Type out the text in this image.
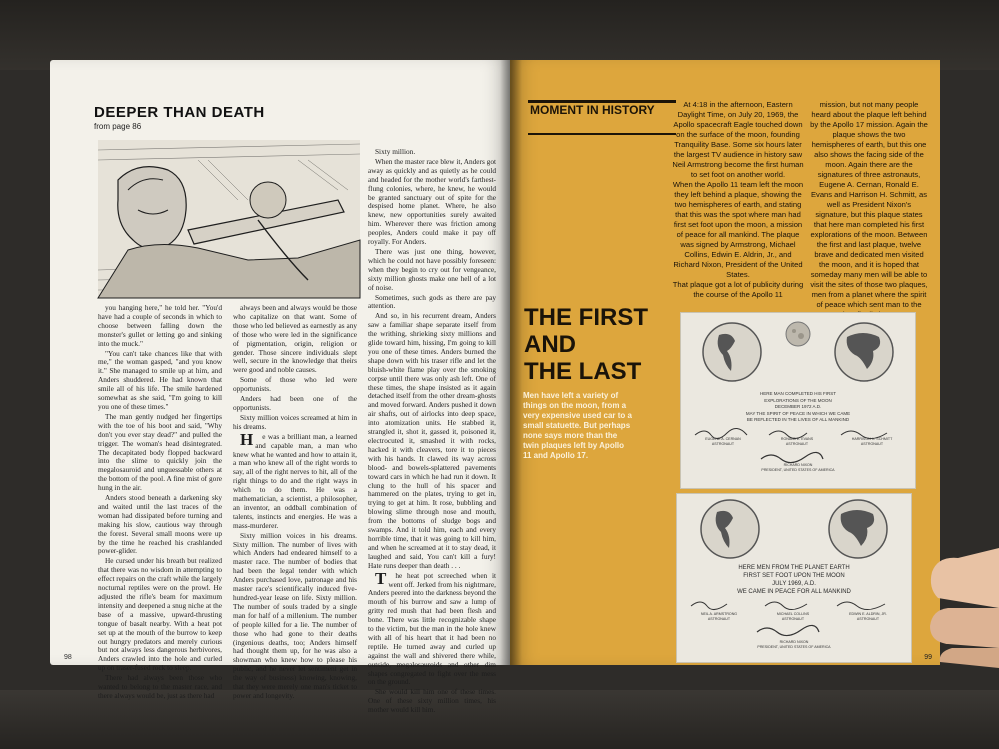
DEEPER THAN DEATH
from page 86

you hanging here," he told her. "You'd have had a couple of seconds in which to choose between falling down the monster's gullet or letting go and sinking into the muck."

"You can't take chances like that with me," the woman gasped, "and you know it." She managed to smile up at him, and Anders shuddered. He had known that smile all of his life. The smile hardened somewhat as she said, "I'm going to kill you one of these times."

The man gently nudged her fingertips with the toe of his boot and said, "Why don't you ever stay dead?" and pulled the trigger. The woman's head disintegrated. The decapitated body flopped backward into the slime to quickly join the megalosauroid and unguessable others at the bottom of the pool. A fine mist of gore hung in the air.

Anders stood beneath a darkening sky and waited until the last traces of the woman had dissipated before turning and making his slow, cautious way through the forest. Several small moons were up by the time he reached his crashlanded power-glider.

He cursed under his breath but realized that there was no wisdom in attempting to effect repairs on the craft while the largely nocturnal reptiles were on the prowl. He adjusted the rifle's beam for maximum intensity and deepened a snug niche at the base of a massive, upward-thrusting tongue of basalt nearby. With a heat pot set up at the mouth of the burrow to keep out hungry predators and merely curious but not always less dangerous herbivores, Anders crawled into the hole and curled up on traser-fused rock to sleep.

There had always been those who wanted to belong to the master race, and there always would be, just as there had

always been and always would be those who capitalize on that want. Some of those who led believed as earnestly as any of those who were led in the significance of pigmentation, origin, religion or gender. Those sincere individuals slept well, secure in the knowledge that theirs were good and noble causes.

Some of those who led were opportunists.

Anders had been one of the opportunists.

Sixty million voices screamed at him in his dreams.

He was a brilliant man, a learned and capable man, a man who knew what he wanted and how to attain it, a man who knew all of the right words to say, all of the right nerves to hit, all of the right things to do and the right ways in which to do them. He was a mathematician, a scientist, a philosopher, an inventor, an oddball combination of talents, instincts and energies. He was a mass-murderer.

Sixty million voices in his dreams. Sixty million. The number of lives with which Anders had endeared himself to a master race. The number of bodies that had been the legal tender with which Anders purchased love, patronage and his master race's scientifically induced five-hundred-year lease on life. Sixty million. The number of souls traded by a single man for half of a millenium. The number of people killed for a lie. The number of those who had gone to their deaths (ingenious deaths, too; Anders himself had thought them up, for he was also a showman who knew how to please his public, and he never let sentiment get in the way of business) knowing, knowing, that they were merely one man's ticket to power and longevity.

Sixty million.

When the master race blew it, Anders got away as quickly and as quietly as he could and headed for the mother world's farthest-flung colonies, where, he knew, he would be granted sanctuary out of spite for the despised home planet. Where, he also knew, new opportunities surely awaited him. Wherever there was friction among peoples, Anders could make it pay off royally. For Anders.

There was just one thing, however, which he could not have possibly foreseen: when they begin to cry out for vengeance, sixty million ghosts make one hell of a lot of noise.

Sometimes, such gods as there are pay attention.

And so, in his recurrent dream, Anders saw a familiar shape separate itself from the writhing, shrieking sixty millions and glide toward him, hissing, I'm going to kill you one of these times. Anders burned the shape down with his traser rifle and let the bluish-white flame play over the smoking corpse until there was only ash left. One of these times, the shape insisted as it again detached itself from the other dream-ghosts and moved forward. Anders pushed it down air shafts, out of airlocks into deep space, into atomization units. He stabbed it, strangled it, shot it, gassed it, poisoned it, electrocuted it, smashed it with rocks, hacked it with cleavers, tore it to pieces with his hands. It clawed its way across blood- and bowels-splattered pavements toward cars in which he had run it down. It clung to the hull of his spacer and hammered on the plates, trying to get in, trying to get at him. It rose, bubbling and blowing slime through nose and mouth, from the bottoms of sludge bogs and swamps. And it told him, each and every horrible time, that it was going to kill him, and when he screamed at it to stay dead, it laughed and said, You can't kill a fury! Hate runs deeper than death . . .

The heat pot screeched when it went off. Jerked from his nightmare, Anders peered into the darkness beyond the mouth of his burrow and saw a lump of gritty red mush that had been flesh and bone. There was little recognizable shape to the victim, but the man in the hole knew with all of his heart that it had been no reptile. He turned away and curled up against the wall and shivered there while, outside, megalosauroids and other dim shapes congregated to fight over the mess on the ground.

She would kill him one of these times. One of these sixty million times, his mother would kill him.

98
MOMENT IN HISTORY
THE FIRST
AND
THE LAST
Men have left a variety of things on the moon, from a very expensive used car to a small statuette. But perhaps none says more than the twin plaques left by Apollo 11 and Apollo 17.

At 4:18 in the afternoon, Eastern Daylight Time, on July 20, 1969, the Apollo spacecraft Eagle touched down on the surface of the moon, founding Tranquility Base. Some six hours later the largest TV audience in history saw Neil Armstrong become the first human to set foot on another world.

When the Apollo 11 team left the moon they left behind a plaque, showing the two hemispheres of earth, and stating that this was the spot where man had first set foot upon the moon, a mission of peace for all mankind. The plaque was signed by Armstrong, Michael Collins, Edwin E. Aldrin, Jr., and Richard Nixon, President of the United States.

That plaque got a lot of publicity during the course of the Apollo 11

mission, but not many people heard about the plaque left behind by the Apollo 17 mission. Again the plaque shows the two hemispheres of earth, but this one also shows the facing side of the moon. Again there are the signatures of three astronauts, Eugene A. Cernan, Ronald E. Evans and Harrison H. Schmitt, as well as President Nixon's signature, but this plaque states that here man completed his first explorations of the moon. Between the first and last plaque, twelve brave and dedicated men visited the moon, and it is hoped that someday many men will be able to visit the sites of those two plaques, men from a planet where the spirit of peace which sent man to the

HERE MAN COMPLETED HIS FIRST
EXPLORATIONS OF THE MOON
DECEMBER 1972 A.D.
MAY THE SPIRIT OF PEACE IN WHICH WE CAME
BE REFLECTED IN THE LIVES OF ALL MANKIND
EUGENE A. CERNAN
ASTRONAUT
RONALD E. EVANS
ASTRONAUT
HARRISON H. SCHMITT
ASTRONAUT
RICHARD NIXON
PRESIDENT, UNITED STATES OF AMERICA
HERE MEN FROM THE PLANET EARTH
FIRST SET FOOT UPON THE MOON
JULY 1969, A.D.
WE CAME IN PEACE FOR ALL MANKIND
NEIL A. ARMSTRONG
ASTRONAUT
MICHAEL COLLINS
ASTRONAUT
EDWIN E. ALDRIN, JR.
ASTRONAUT
RICHARD NIXON
PRESIDENT, UNITED STATES OF AMERICA
99
